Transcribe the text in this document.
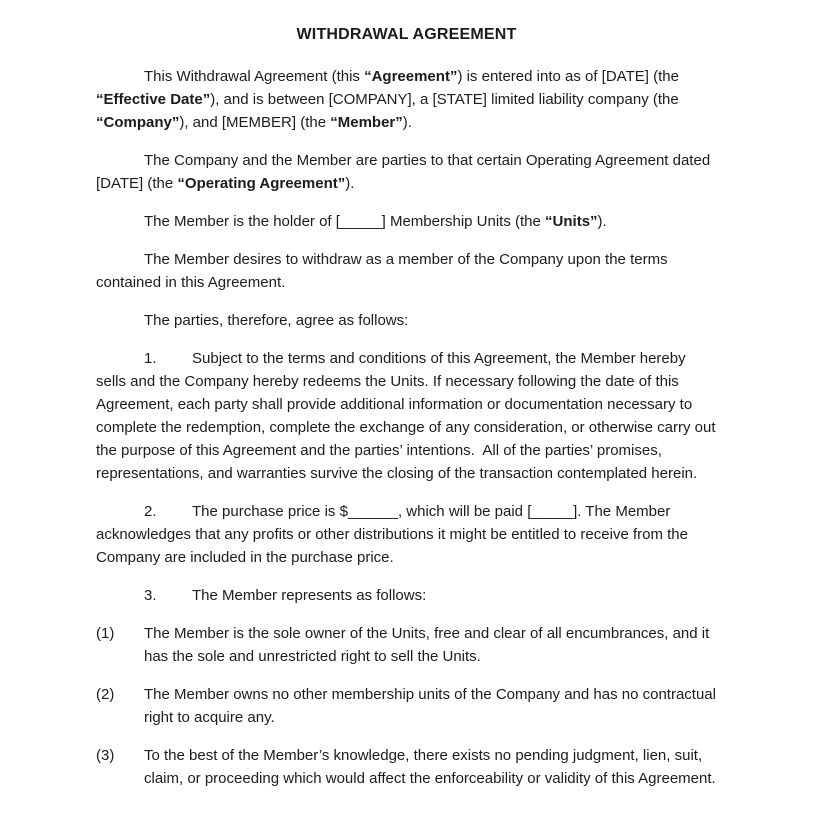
WITHDRAWAL AGREEMENT

This Withdrawal Agreement (this “Agreement”) is entered into as of [DATE] (the “Effective Date”), and is between [COMPANY], a [STATE] limited liability company (the “Company”), and [MEMBER] (the “Member”).

The Company and the Member are parties to that certain Operating Agreement dated [DATE] (the “Operating Agreement”).

The Member is the holder of [_____] Membership Units (the “Units”).

The Member desires to withdraw as a member of the Company upon the terms contained in this Agreement.

The parties, therefore, agree as follows:

1. Subject to the terms and conditions of this Agreement, the Member hereby sells and the Company hereby redeems the Units. If necessary following the date of this Agreement, each party shall provide additional information or documentation necessary to complete the redemption, complete the exchange of any consideration, or otherwise carry out the purpose of this Agreement and the parties’ intentions.  All of the parties’ promises, representations, and warranties survive the closing of the transaction contemplated herein.

2. The purchase price is $______, which will be paid [_____]. The Member acknowledges that any profits or other distributions it might be entitled to receive from the Company are included in the purchase price.

3. The Member represents as follows:

(1) The Member is the sole owner of the Units, free and clear of all encumbrances, and it has the sole and unrestricted right to sell the Units.

(2) The Member owns no other membership units of the Company and has no contractual right to acquire any.

(3) To the best of the Member’s knowledge, there exists no pending judgment, lien, suit, claim, or proceeding which would affect the enforceability or validity of this Agreement.
